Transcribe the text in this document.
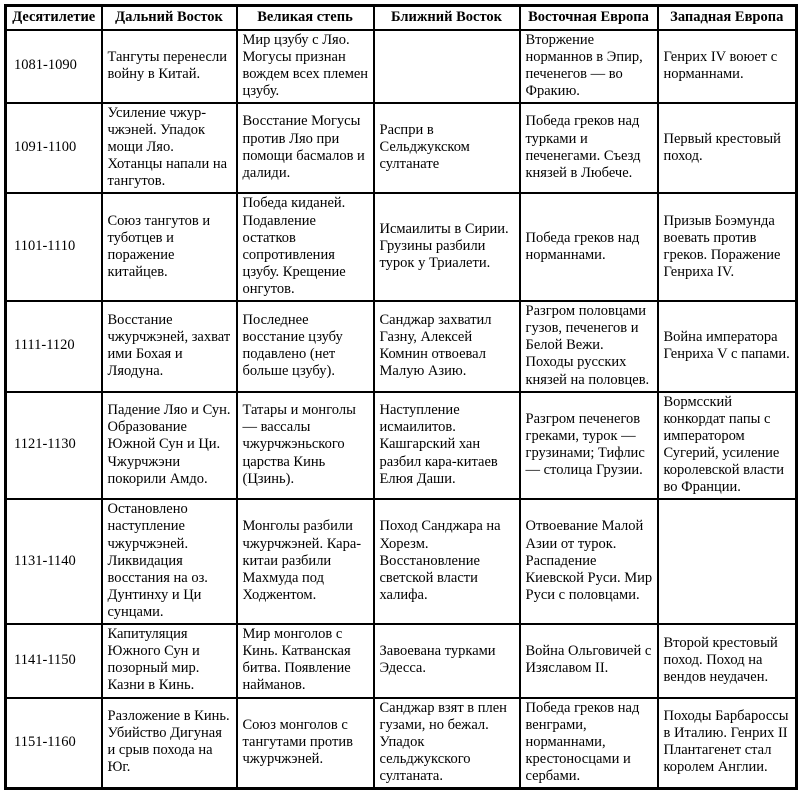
Десятилетие	Дальний Восток	Великая степь	Ближний Восток	Восточная Европа	Западная Европа
1081-1090	Тангуты перенесли войну в Китай.	Мир цзубу с Ляо. Могусы признан вождем всех племен цзубу.		Вторжение норманнов в Эпир, печенегов — во Фракию.	Генрих IV воюет с норманнами.
1091-1100	Усиление чжур-чжэней. Упадок мощи Ляо. Хотанцы напали на тангутов.	Восстание Могусы против Ляо при помощи басмалов и далиди.	Распри в Сельджукском султанате	Победа греков над турками и печенегами. Съезд князей в Любече.	Первый крестовый поход.
1101-1110	Союз тангутов и туботцев и поражение китайцев.	Победа киданей. Подавление остатков сопротивления цзубу. Крещение онгутов.	Исмаилиты в Сирии. Грузины разбили турок у Триалети.	Победа греков над норманнами.	Призыв Боэмунда воевать против греков. Поражение Генриха IV.
1111-1120	Восстание чжурчжэней, захват ими Бохая и Ляодуна.	Последнее восстание цзубу подавлено (нет больше цзубу).	Санджар захватил Газну, Алексей Комнин отвоевал Малую Азию.	Разгром половцами гузов, печенегов и Белой Вежи. Походы русских князей на половцев.	Война императора Генриха V с папами.
1121-1130	Падение Ляо и Сун. Образование Южной Сун и Ци. Чжурчжэни покорили Амдо.	Татары и монголы — вассалы чжурчжэньского царства Кинь (Цзинь).	Наступление исмаилитов. Кашгарский хан разбил кара-китаев Елюя Даши.	Разгром печенегов греками, турок — грузинами; Тифлис — столица Грузии.	Вормсский конкордат папы с императором Сугерий, усиление королевской власти во Франции.
1131-1140	Остановлено наступление чжурчжэней. Ликвидация восстания на оз. Дунтинху и Ци сунцами.	Монголы разбили чжурчжэней. Кара-китаи разбили Махмуда под Ходжентом.	Поход Санджара на Хорезм. Восстановление светской власти халифа.	Отвоевание Малой Азии от турок. Распадение Киевской Руси. Мир Руси с половцами.	
1141-1150	Капитуляция Южного Сун и позорный мир. Казни в Кинь.	Мир монголов с Кинь. Катванская битва. Появление найманов.	Завоевана турками Эдесса.	Война Ольговичей с Изяславом II.	Второй крестовый поход. Поход на вендов неудачен.
1151-1160	Разложение в Кинь. Убийство Дигуная и срыв похода на Юг.	Союз монголов с тангутами против чжурчжэней.	Санджар взят в плен гузами, но бежал. Упадок сельджукского султаната.	Победа греков над венграми, норманнами, крестоносцами и сербами.	Походы Барбароссы в Италию. Генрих II Плантагенет стал королем Англии.
